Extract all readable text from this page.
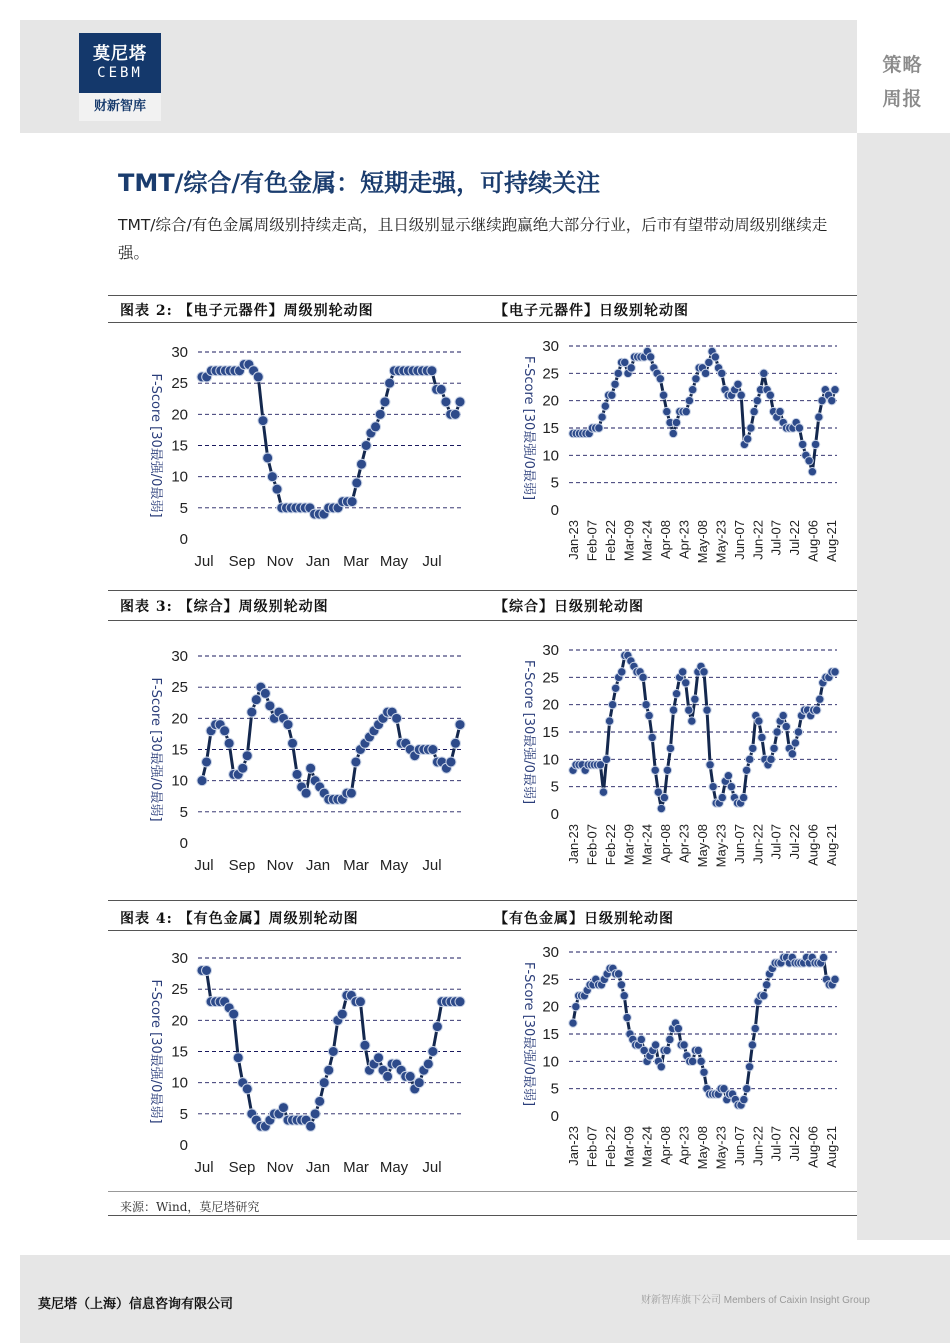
策略
周报
莫尼塔
CEBM
财新智库
TMT/综合/有色金属：短期走强，可持续关注
TMT/综合/有色金属周级别持续走高，且日级别显示继续跑赢绝大部分行业，后市有望带动周级别继续走强。
图表 2: 【电子元器件】周级别轮动图	【电子元器件】日级别轮动图
0
5
10
15
20
25
30
F-Score [30最强/0最弱]
Jul Sep Nov Jan Mar May Jul
0
5
10
15
20
25
30
F-Score [30最强/0最弱]
Jan-23 Feb-07 Feb-22 Mar-09 Mar-24 Apr-08 Apr-23 May-08 May-23 Jun-07 Jun-22 Jul-07 Jul-22 Aug-06 Aug-21
图表 3: 【综合】周级别轮动图	【综合】日级别轮动图
0
5
10
15
20
25
30
F-Score [30最强/0最弱]
Jul Sep Nov Jan Mar May Jul
0
5
10
15
20
25
30
F-Score [30最强/0最弱]
Jan-23 Feb-07 Feb-22 Mar-09 Mar-24 Apr-08 Apr-23 May-08 May-23 Jun-07 Jun-22 Jul-07 Jul-22 Aug-06 Aug-21
图表 4: 【有色金属】周级别轮动图	【有色金属】日级别轮动图
0
5
10
15
20
25
30
F-Score [30最强/0最弱]
Jul Sep Nov Jan Mar May Jul
0
5
10
15
20
25
30
F-Score [30最强/0最弱]
Jan-23 Feb-07 Feb-22 Mar-09 Mar-24 Apr-08 Apr-23 May-08 May-23 Jun-07 Jun-22 Jul-07 Jul-22 Aug-06 Aug-21
来源：Wind，莫尼塔研究
莫尼塔（上海）信息咨询有限公司	财新智库旗下公司 Members of Caixin Insight Group
